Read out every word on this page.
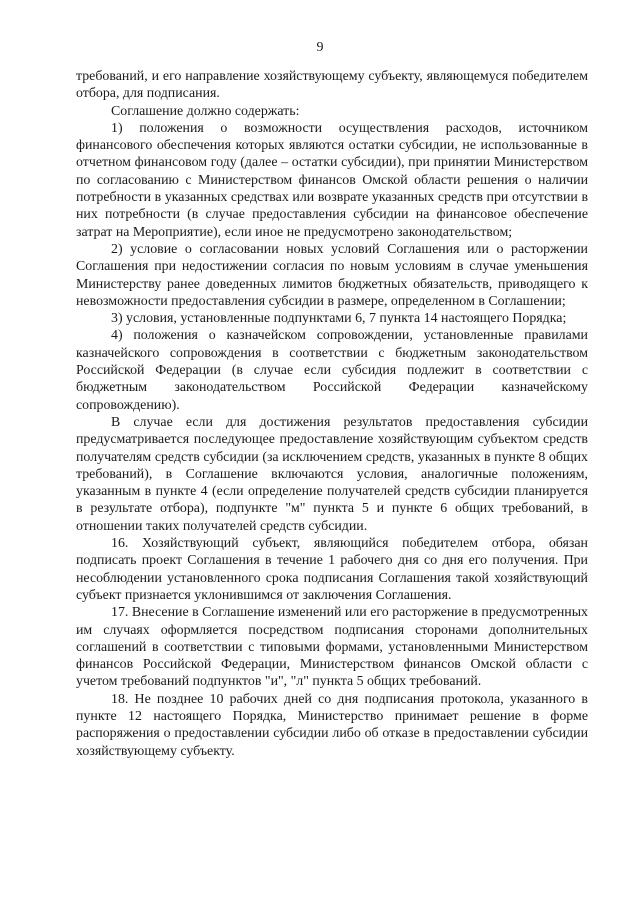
9

требований, и его направление хозяйствующему субъекту, являющемуся победителем отбора, для подписания.

Соглашение должно содержать:

1) положения о возможности осуществления расходов, источником финансового обеспечения которых являются остатки субсидии, не использованные в отчетном финансовом году (далее – остатки субсидии), при принятии Министерством по согласованию с Министерством финансов Омской области решения о наличии потребности в указанных средствах или возврате указанных средств при отсутствии в них потребности (в случае предоставления субсидии на финансовое обеспечение затрат на Мероприятие), если иное не предусмотрено законодательством;

2) условие о согласовании новых условий Соглашения или о расторжении Соглашения при недостижении согласия по новым условиям в случае уменьшения Министерству ранее доведенных лимитов бюджетных обязательств, приводящего к невозможности предоставления субсидии в размере, определенном в Соглашении;

3) условия, установленные подпунктами 6, 7 пункта 14 настоящего Порядка;

4) положения о казначейском сопровождении, установленные правилами казначейского сопровождения в соответствии с бюджетным законодательством Российской Федерации (в случае если субсидия подлежит в соответствии с бюджетным законодательством Российской Федерации казначейскому сопровождению).

В случае если для достижения результатов предоставления субсидии предусматривается последующее предоставление хозяйствующим субъектом средств получателям средств субсидии (за исключением средств, указанных в пункте 8 общих требований), в Соглашение включаются условия, аналогичные положениям, указанным в пункте 4 (если определение получателей средств субсидии планируется в результате отбора), подпункте "м" пункта 5 и пункте 6 общих требований, в отношении таких получателей средств субсидии.

16. Хозяйствующий субъект, являющийся победителем отбора, обязан подписать проект Соглашения в течение 1 рабочего дня со дня его получения. При несоблюдении установленного срока подписания Соглашения такой хозяйствующий субъект признается уклонившимся от заключения Соглашения.

17. Внесение в Соглашение изменений или его расторжение в предусмотренных им случаях оформляется посредством подписания сторонами дополнительных соглашений в соответствии с типовыми формами, установленными Министерством финансов Российской Федерации, Министерством финансов Омской области с учетом требований подпунктов "и", "л" пункта 5 общих требований.

18. Не позднее 10 рабочих дней со дня подписания протокола, указанного в пункте 12 настоящего Порядка, Министерство принимает решение в форме распоряжения о предоставлении субсидии либо об отказе в предоставлении субсидии хозяйствующему субъекту.
